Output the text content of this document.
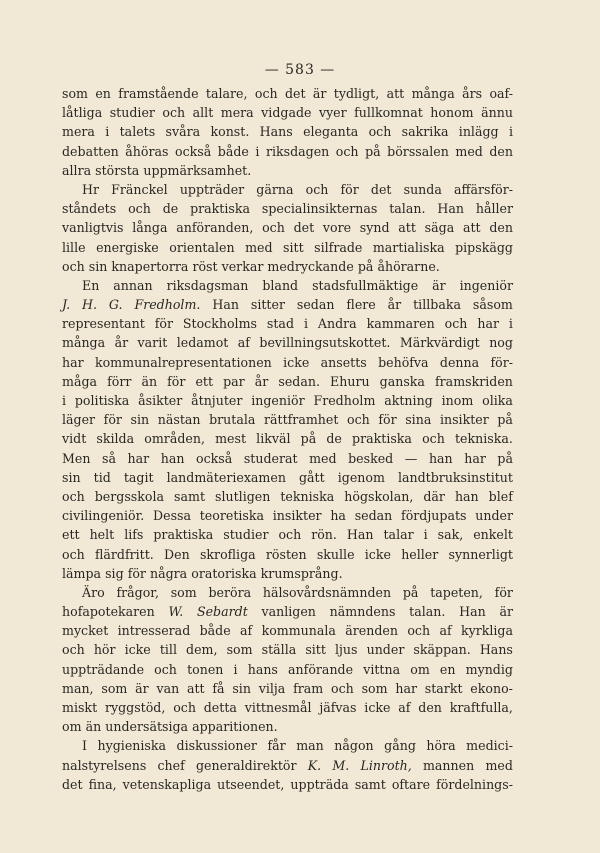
— 583 —
som en framstående talare, och det är tydligt, att många års oaf-
låtliga studier och allt mera vidgade vyer fullkomnat honom ännu
mera i talets svåra konst. Hans eleganta och sakrika inlägg i
debatten åhöras också både i riksdagen och på börssalen med den
allra största uppmärksamhet.
Hr Fränckel uppträder gärna och för det sunda affärsför-
ståndets och de praktiska specialinsikternas talan. Han håller
vanligtvis långa anföranden, och det vore synd att säga att den
lille energiske orientalen med sitt silfrade martialiska pipskägg
och sin knapertorra röst verkar medryckande på åhörarne.
En annan riksdagsman bland stadsfullmäktige är ingeniör
J. H. G. Fredholm. Han sitter sedan flere år tillbaka såsom
representant för Stockholms stad i Andra kammaren och har i
många år varit ledamot af bevillningsutskottet. Märkvärdigt nog
har kommunalrepresentationen icke ansetts behöfva denna för-
måga förr än för ett par år sedan. Ehuru ganska framskriden
i politiska åsikter åtnjuter ingeniör Fredholm aktning inom olika
läger för sin nästan brutala rättframhet och för sina insikter på
vidt skilda områden, mest likväl på de praktiska och tekniska.
Men så har han också studerat med besked — han har på
sin tid tagit landmäteriexamen gått igenom landtbruksinstitut
och bergsskola samt slutligen tekniska högskolan, där han blef
civilingeniör. Dessa teoretiska insikter ha sedan fördjupats under
ett helt lifs praktiska studier och rön. Han talar i sak, enkelt
och flärdfritt. Den skrofliga rösten skulle icke heller synnerligt
lämpa sig för några oratoriska krumsprång.
Äro frågor, som beröra hälsovårdsnämnden på tapeten, för
hofapotekaren W. Sebardt vanligen nämndens talan. Han är
mycket intresserad både af kommunala ärenden och af kyrkliga
och hör icke till dem, som ställa sitt ljus under skäppan. Hans
uppträdande och tonen i hans anförande vittna om en myndig
man, som är van att få sin vilja fram och som har starkt ekono-
miskt ryggstöd, och detta vittnesmål jäfvas icke af den kraftfulla,
om än undersätsiga apparitionen.
I hygieniska diskussioner får man någon gång höra medici-
nalstyrelsens chef generaldirektör K. M. Linroth, mannen med
det fina, vetenskapliga utseendet, uppträda samt oftare fördelnings-
